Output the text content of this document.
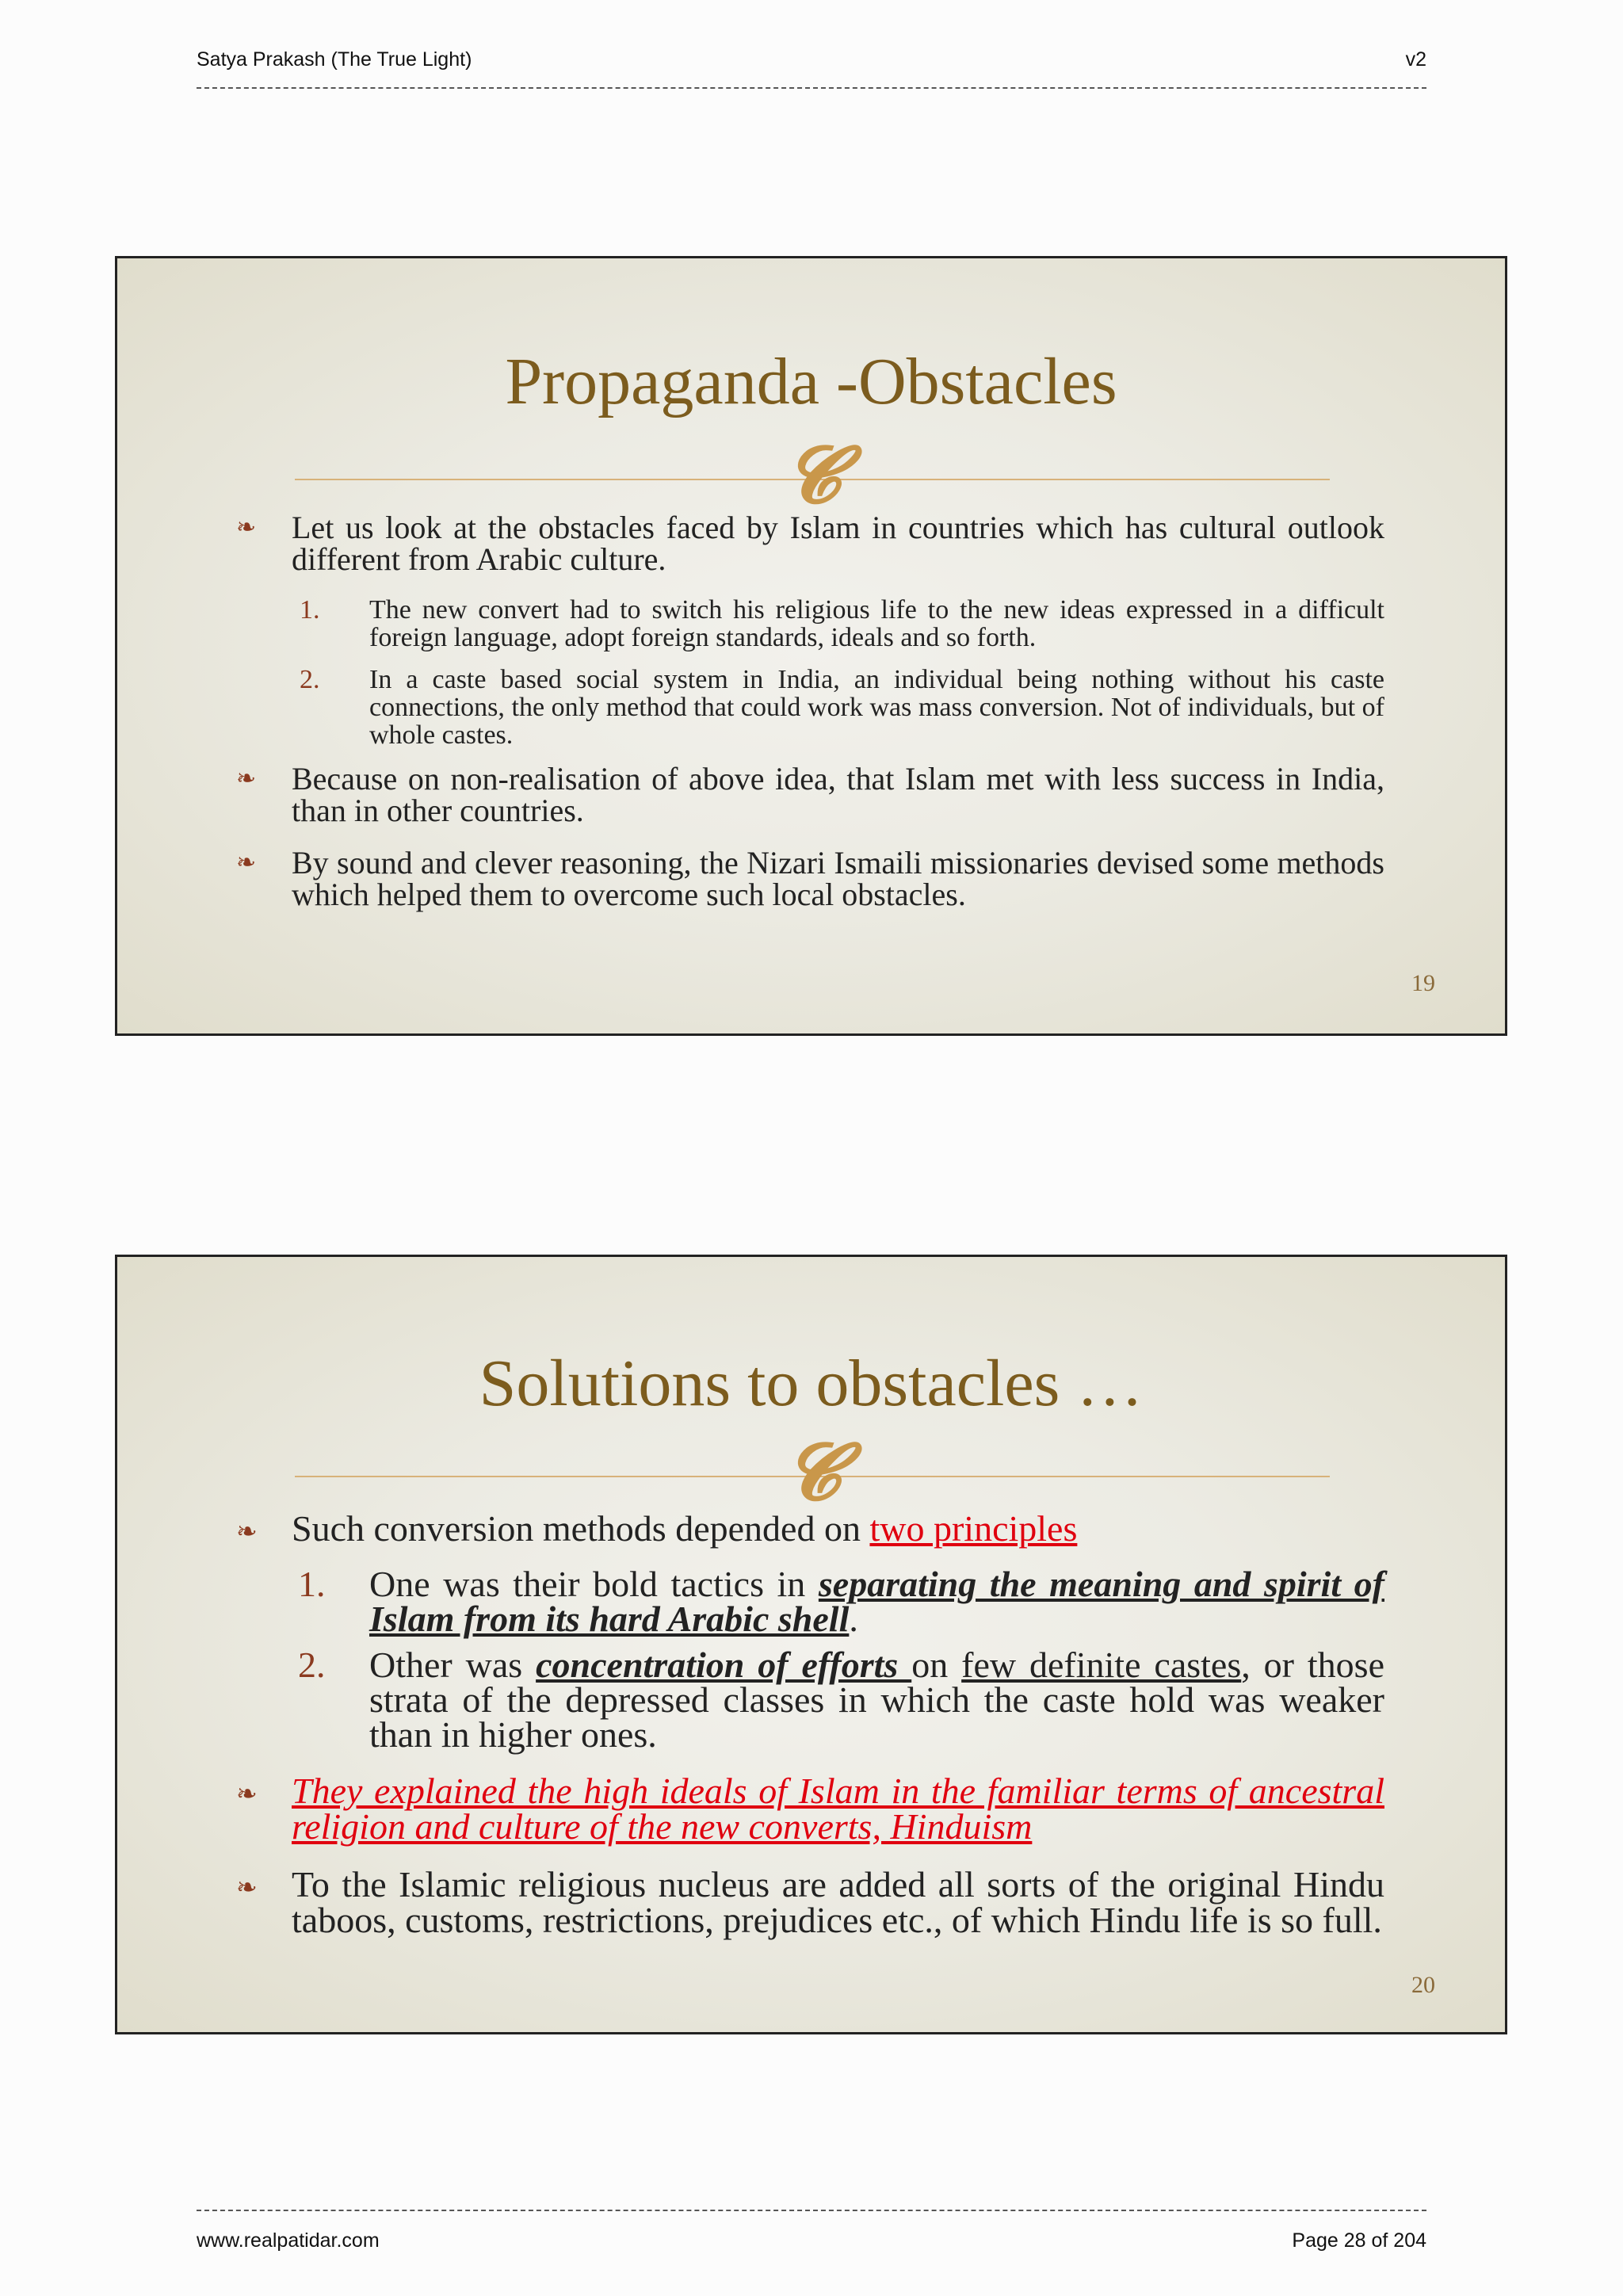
Satya Prakash (The True Light)	v2
Propaganda -Obstacles
𝓒
❧ Let us look at the obstacles faced by Islam in countries which has cultural outlook different from Arabic culture.
1. The new convert had to switch his religious life to the new ideas expressed in a difficult foreign language, adopt foreign standards, ideals and so forth.
2. In a caste based social system in India, an individual being nothing without his caste connections, the only method that could work was mass conversion. Not of individuals, but of whole castes.
❧ Because on non-realisation of above idea, that Islam met with less success in India, than in other countries.
❧ By sound and clever reasoning, the Nizari Ismaili missionaries devised some methods which helped them to overcome such local obstacles.
19
Solutions to obstacles …
𝓒
❧ Such conversion methods depended on two principles
1. One was their bold tactics in separating the meaning and spirit of Islam from its hard Arabic shell.
2. Other was concentration of efforts on few definite castes, or those strata of the depressed classes in which the caste hold was weaker than in higher ones.
❧ They explained the high ideals of Islam in the familiar terms of ancestral religion and culture of the new converts, Hinduism
❧ To the Islamic religious nucleus are added all sorts of the original Hindu taboos, customs, restrictions, prejudices etc., of which Hindu life is so full.
20
www.realpatidar.com	Page 28 of 204
